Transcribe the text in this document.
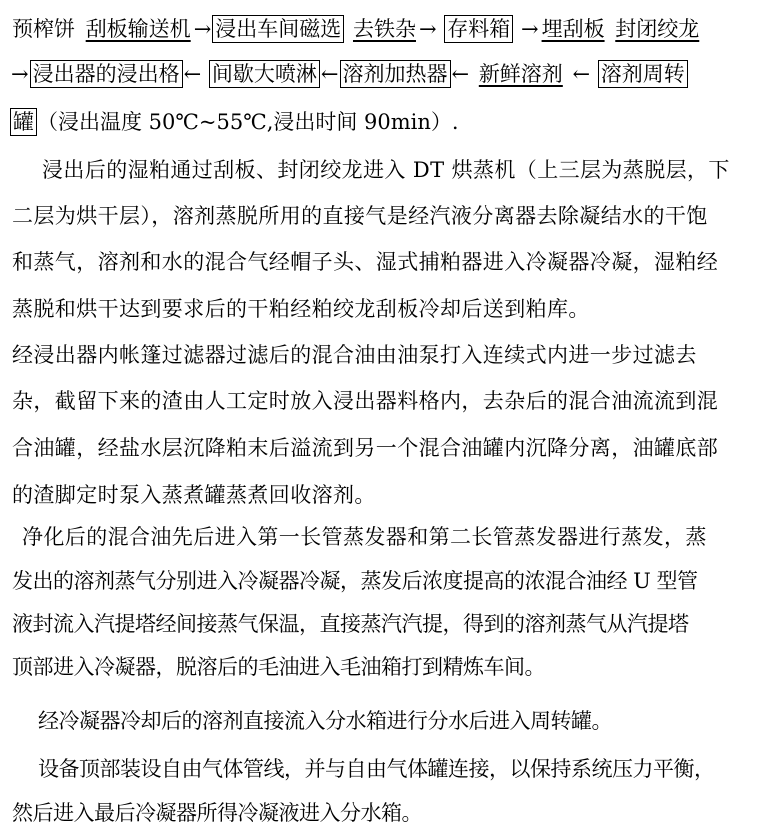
预榨饼 刮板输送机 → 浸出车间磁选 去铁杂 → 存料箱 → 埋刮板 封闭绞龙
→ 浸出器的浸出格 ← 间歇大喷淋 ← 溶剂加热器 ← 新鲜溶剂 ← 溶剂周转
罐 （浸出温度 50℃~55℃,浸出时间 90min）.
浸出后的湿粕通过刮板、封闭绞龙进入 DT 烘蒸机（上三层为蒸脱层，下
二层为烘干层），溶剂蒸脱所用的直接气是经汽液分离器去除凝结水的干饱
和蒸气，溶剂和水的混合气经帽子头、湿式捕粕器进入冷凝器冷凝，湿粕经
蒸脱和烘干达到要求后的干粕经粕绞龙刮板冷却后送到粕库。
经浸出器内帐篷过滤器过滤后的混合油由油泵打入连续式内进一步过滤去
杂，截留下来的渣由人工定时放入浸出器料格内，去杂后的混合油流流到混
合油罐，经盐水层沉降粕末后溢流到另一个混合油罐内沉降分离，油罐底部
的渣脚定时泵入蒸煮罐蒸煮回收溶剂。
净化后的混合油先后进入第一长管蒸发器和第二长管蒸发器进行蒸发，蒸
发出的溶剂蒸气分别进入冷凝器冷凝，蒸发后浓度提高的浓混合油经 U 型管
液封流入汽提塔经间接蒸气保温，直接蒸汽汽提，得到的溶剂蒸气从汽提塔
顶部进入冷凝器，脱溶后的毛油进入毛油箱打到精炼车间。
经冷凝器冷却后的溶剂直接流入分水箱进行分水后进入周转罐。
设备顶部装设自由气体管线，并与自由气体罐连接，以保持系统压力平衡，
然后进入最后冷凝器所得冷凝液进入分水箱。
